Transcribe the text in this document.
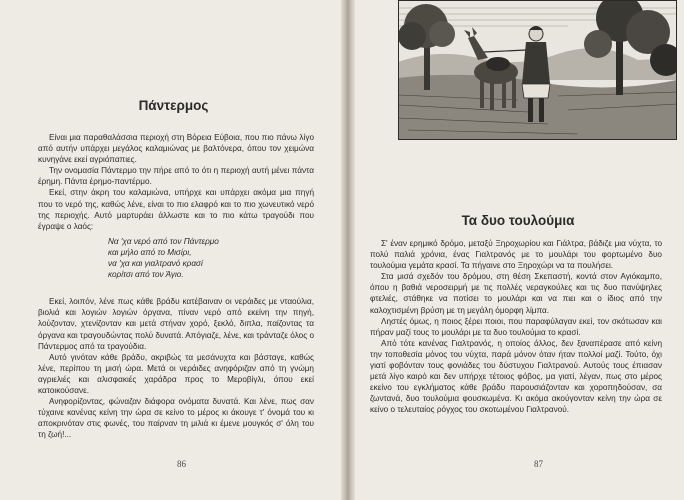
Πάντερμος

Είναι μια παραθαλάσσια περιοχή στη Βόρεια Εύβοια, που πιο πάνω λίγο από αυτήν υπάρχει μεγάλος καλαμιώνας με βαλτόνερα, όπου τον χειμώνα κυνηγάνε εκεί αγριόπαπιες.

Την ονομασία Πάντερμο την πήρε από το ότι η περιοχή αυτή μένει πάντα έρημη. Πάντα έρημο-παντέρμο.

Εκεί, στην άκρη του καλαμιώνα, υπήρχε και υπάρχει ακόμα μια πηγή που το νερό της, καθώς λένε, είναι το πιο ελαφρό και το πιο χωνευτικό νερό της περιοχής. Αυτό μαρτυράει άλλωστε και το πιο κάτω τραγούδι που έγραψε ο λαός:

Να 'χα νερό από τον Πάντερμο
και μήλο από το Μισίρι,
να 'χα και γιαλτρανό κρασί
κορίτσι από τον Άγιο.

Εκεί, λοιπόν, λένε πως κάθε βράδυ κατέβαιναν οι νεράιδες με νταούλια, βιολιά και λογιών λογιών όργανα, πίναν νερό από εκείνη την πηγή, λούζονταν, χτενίζονταν και μετά στήναν χορό, ξεκλό, διπλα, παίζοντας τα όργανα και τραγουδώντας πολύ δυνατά. Απόγιαζε, λένε, και τράνταζε όλος ο Πάντερμος από τα τραγούδια.

Αυτό γινόταν κάθε βράδυ, ακριβώς τα μεσάνυχτα και βάσταγε, καθώς λένε, περίπου τη μισή ώρα. Μετά οι νεράιδες ανηφόριζαν από τη γνώμη αγριελιές και αλισφακιές χαράδρα προς το Μεροβίγλι, όπου εκεί κατοικούσανε.

Ανηφορίζοντας, φώναζαν διάφορα ονόματα δυνατά. Και λένε, πως σαν τύχαινε κανένας κείνη την ώρα σε κείνο το μέρος κι άκουγε τ' όνομά του κι αποκρινόταν στις φωνές, του παίρναν τη μιλιά κι έμενε μουγκός σ' όλη του τη ζωή!...

86
Τα δυο τουλούμια

Σ' έναν ερημικό δρόμο, μεταξύ Ξηροχωρίου και Γιάλτρα, βάδιζε μια νύχτα, το πολύ παλιά χρόνια, ένας Γιαλτρανός με το μουλάρι του φορτωμένο δυο τουλούμια γεμάτα κρασί. Τα πήγαινε στο Ξηροχώρι να τα πουλήσει.

Στα μισά σχεδόν του δρόμου, στη θέση Σκεπαστή, κοντά στον Αγιόκαμπο, όπου η βαθιά νεροσειρμή με τις πολλές νεραγκούλες και τις δυο πανύψηλες φτελιές, στάθηκε να ποτίσει το μουλάρι και να πιει και ο ίδιος από την καλοχτισμένη βρύση με τη μεγάλη όμορφη λίμπα.

Ληστές όμως, η ποιος ξέρει ποιοι, που παραφύλαγαν εκεί, τον σκότωσαν και πήραν μαζί τους το μουλάρι με τα δυο τουλούμια το κρασί.

Από τότε κανένας Γιαλτρανός, η οποίος άλλος, δεν ξαναπέρασε από κείνη την τοποθεσία μόνος του νύχτα, παρά μόνον όταν ήταν πολλοί μαζί. Τούτο, όχι γιατί φοβόνταν τους φονιάδες του δύστυχου Γιαλτρανού. Αυτούς τους έπιασαν μετά λίγο καιρό και δεν υπήρχε τέτοιος φόβος, μα γιατί, λέγαν, πως στο μέρος εκείνο του εγκλήματος κάθε βράδυ παρουσιάζονταν και χοροπηδούσαν, σα ζωντανά, δυο τουλούμια φουσκωμένα. Κι ακόμα ακούγονταν κείνη την ώρα σε κείνο ο τελευταίος ρόγχος του σκοτωμένου Γιαλτρανού.

87
